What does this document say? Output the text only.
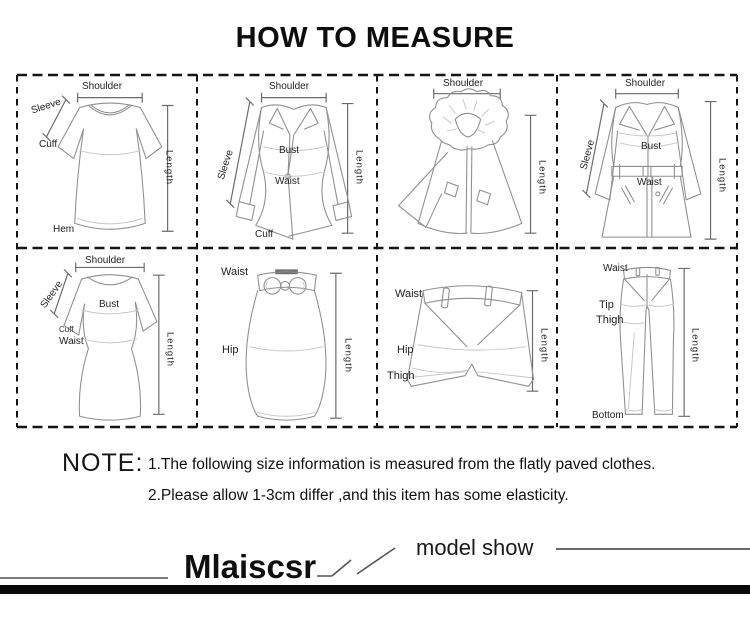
HOW TO MEASURE
Shoulder
Sleeve
Cuff
Hem
Length
Shoulder
Sleeve	Bust
Waist
Cuff
Length
Shoulder
Length
Shoulder
Sleeve	Bust
Waist	Length
Shoulder
Sleeve	Bust
Cuff
Waist	Length
Waist
Hip	Length
Waist
Hip
Thigh
Length
Waist
Tip
Thigh
Bottom
Length
NOTE: 1.The following size information is measured from the flatly paved clothes.
2.Please allow 1-3cm differ ,and this item has some elasticity.
Mlaiscsr
model show
